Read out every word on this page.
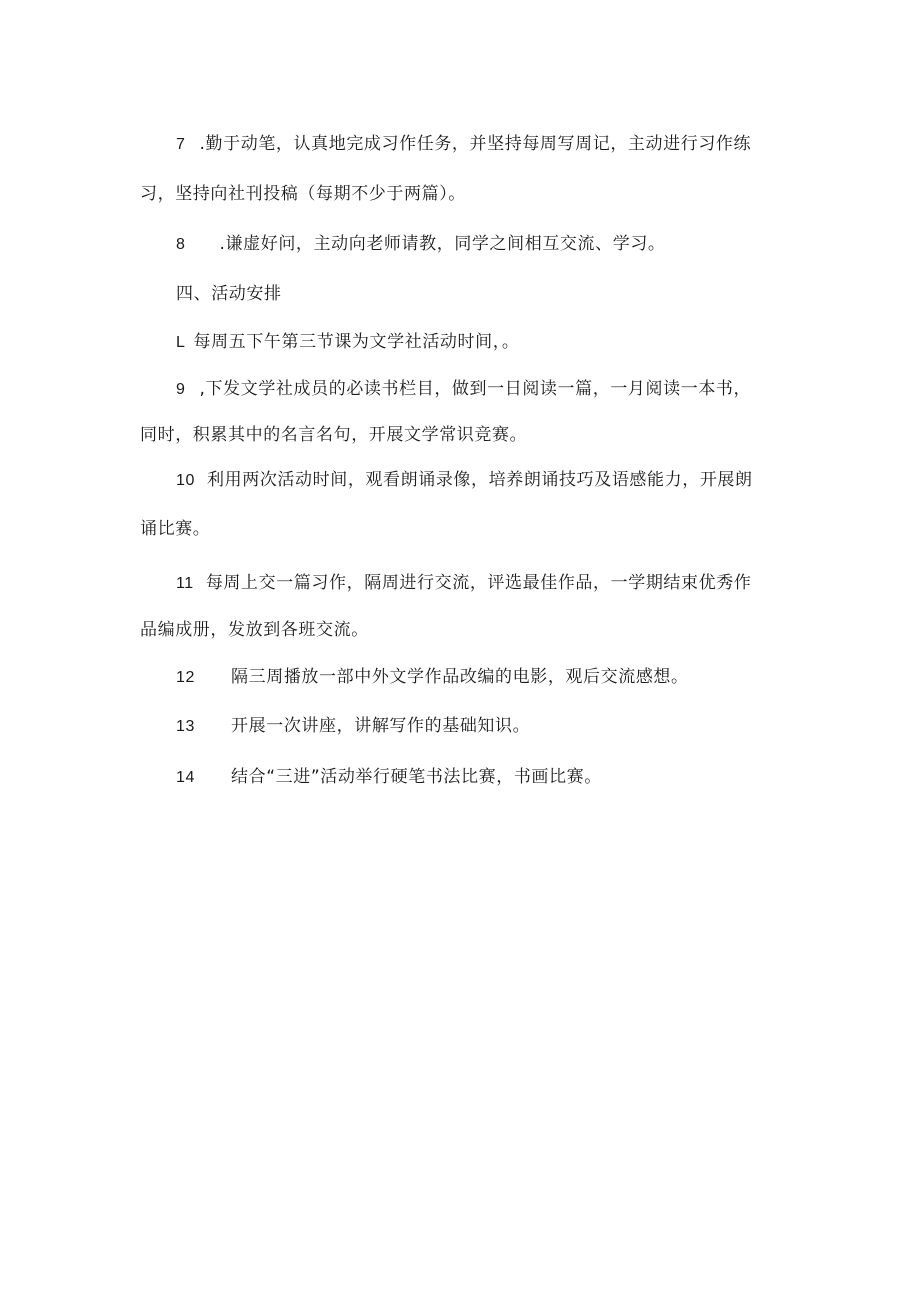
7 .勤于动笔，认真地完成习作任务，并坚持每周写周记，主动进行习作练
习，坚持向社刊投稿（每期不少于两篇）。
8 .谦虚好问，主动向老师请教，同学之间相互交流、学习。
四、活动安排
L 每周五下午第三节课为文学社活动时间，。
9 ,下发文学社成员的必读书栏目，做到一日阅读一篇，一月阅读一本书，
同时，积累其中的名言名句，开展文学常识竞赛。
10 利用两次活动时间，观看朗诵录像，培养朗诵技巧及语感能力，开展朗
诵比赛。
11 每周上交一篇习作，隔周进行交流，评选最佳作品，一学期结束优秀作
品编成册，发放到各班交流。
12 隔三周播放一部中外文学作品改编的电影，观后交流感想。
13 开展一次讲座，讲解写作的基础知识。
14 结合“三进”活动举行硬笔书法比赛，书画比赛。
